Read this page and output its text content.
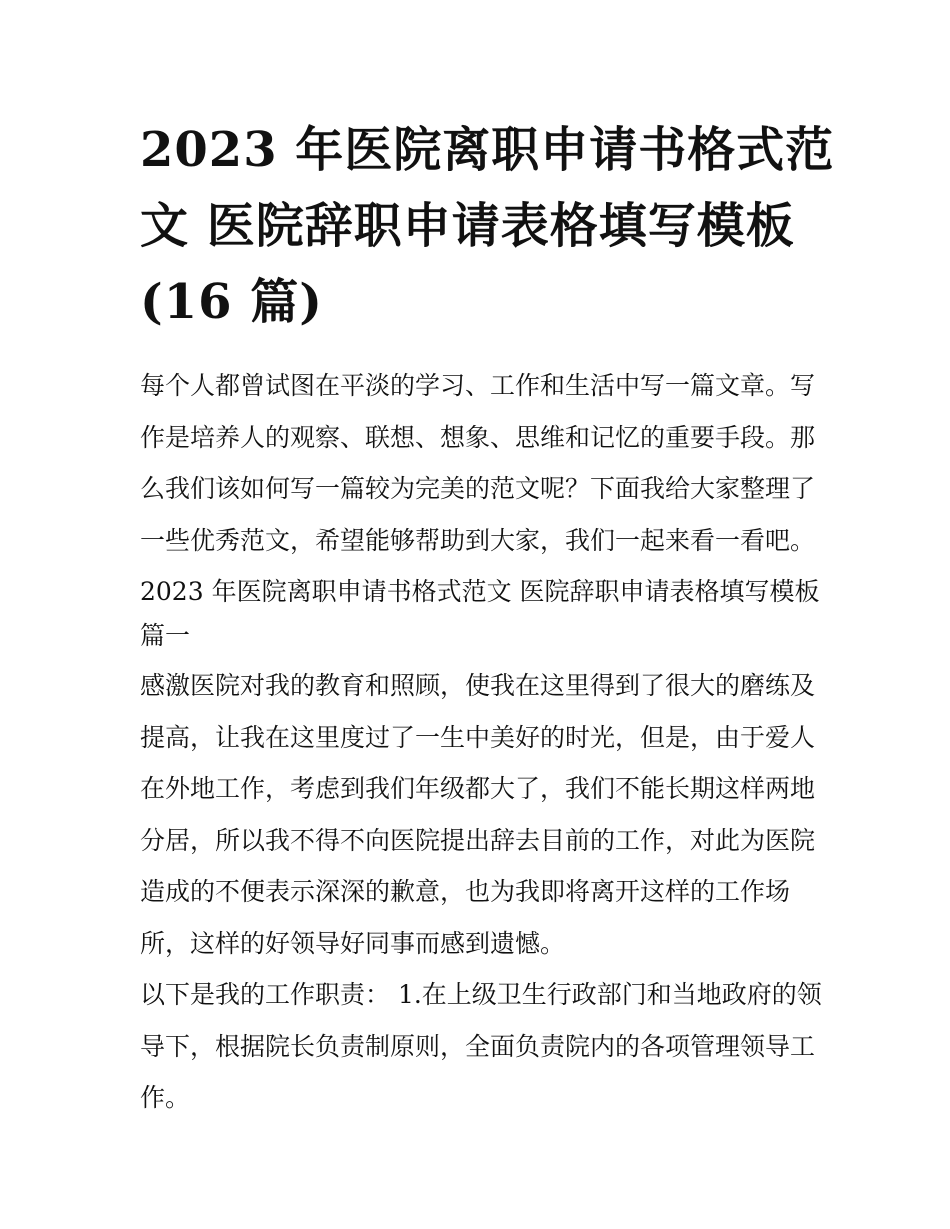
2023 年医院离职申请书格式范
文 医院辞职申请表格填写模板
(16 篇)

每个人都曾试图在平淡的学习、工作和生活中写一篇文章。写
作是培养人的观察、联想、想象、思维和记忆的重要手段。那
么我们该如何写一篇较为完美的范文呢？下面我给大家整理了
一些优秀范文，希望能够帮助到大家，我们一起来看一看吧。

2023 年医院离职申请书格式范文 医院辞职申请表格填写模板
篇一

感激医院对我的教育和照顾，使我在这里得到了很大的磨练及
提高，让我在这里度过了一生中美好的时光，但是，由于爱人
在外地工作，考虑到我们年级都大了，我们不能长期这样两地
分居，所以我不得不向医院提出辞去目前的工作，对此为医院
造成的不便表示深深的歉意，也为我即将离开这样的工作场
所，这样的好领导好同事而感到遗憾。

以下是我的工作职责： 1.在上级卫生行政部门和当地政府的领
导下，根据院长负责制原则，全面负责院内的各项管理领导工
作。
